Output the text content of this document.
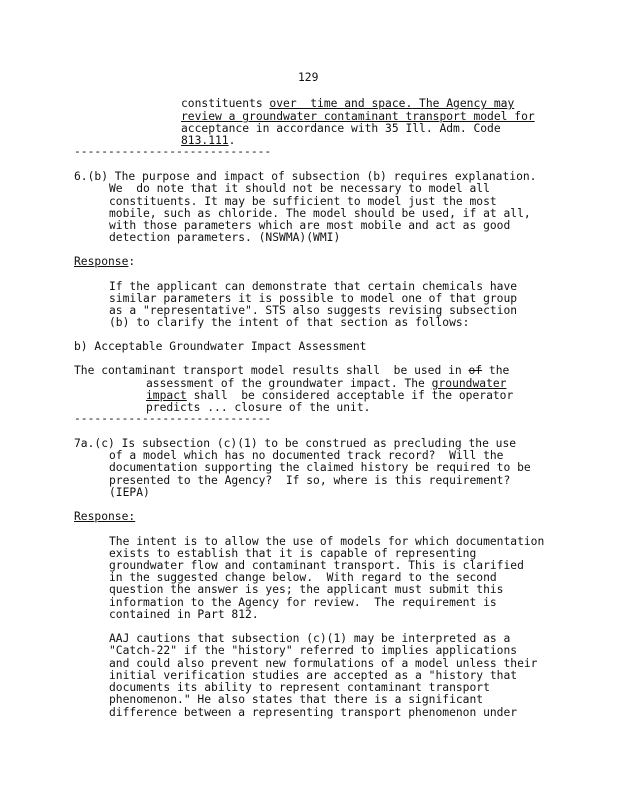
129
constituents over  time and space. The Agency may
review a groundwater contaminant transport model for
acceptance in accordance with 35 Ill. Adm. Code
813.111.
-----------------------------
6.(b) The purpose and impact of subsection (b) requires explanation.
We  do note that it should not be necessary to model all
constituents. It may be sufficient to model just the most
mobile, such as chloride. The model should be used, if at all,
with those parameters which are most mobile and act as good
detection parameters. (NSWMA)(WMI)
Response:
If the applicant can demonstrate that certain chemicals have
similar parameters it is possible to model one of that group
as a "representative". STS also suggests revising subsection
(b) to clarify the intent of that section as follows:
b) Acceptable Groundwater Impact Assessment
The contaminant transport model results shall  be used in of the
assessment of the groundwater impact. The groundwater
impact shall  be considered acceptable if the operator
predicts ... closure of the unit.
-----------------------------
7a.(c) Is subsection (c)(1) to be construed as precluding the use
of a model which has no documented track record?  Will the
documentation supporting the claimed history be required to be
presented to the Agency?  If so, where is this requirement?
(IEPA)
Response:
The intent is to allow the use of models for which documentation
exists to establish that it is capable of representing
groundwater flow and contaminant transport. This is clarified
in the suggested change below.  With regard to the second
question the answer is yes; the applicant must submit this
information to the Agency for review.  The requirement is
contained in Part 812.
AAJ cautions that subsection (c)(1) may be interpreted as a
"Catch-22" if the "history" referred to implies applications
and could also prevent new formulations of a model unless their
initial verification studies are accepted as a "history that
documents its ability to represent contaminant transport
phenomenon." He also states that there is a significant
difference between a representing transport phenomenon under
